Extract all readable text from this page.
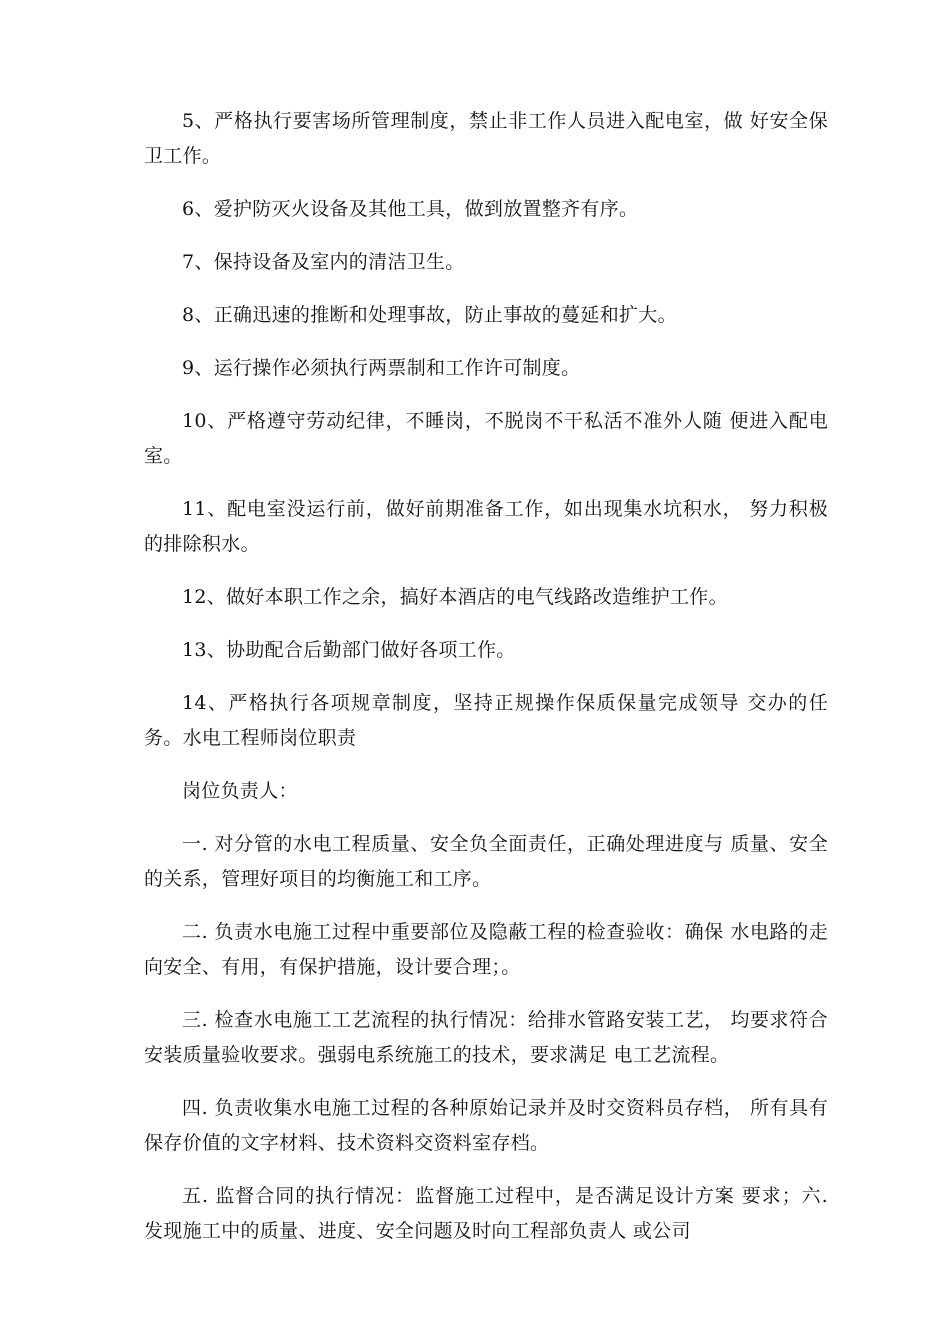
5、严格执行要害场所管理制度，禁止非工作人员进入配电室，做 好安全保卫工作。

6、爱护防灭火设备及其他工具，做到放置整齐有序。

7、保持设备及室内的清洁卫生。

8、正确迅速的推断和处理事故，防止事故的蔓延和扩大。

9、运行操作必须执行两票制和工作许可制度。

10、严格遵守劳动纪律，不睡岗，不脱岗不干私活不准外人随 便进入配电室。

11、配电室没运行前，做好前期准备工作，如出现集水坑积水， 努力积极的排除积水。

12、做好本职工作之余，搞好本酒店的电气线路改造维护工作。

13、协助配合后勤部门做好各项工作。

14、严格执行各项规章制度，坚持正规操作保质保量完成领导 交办的任务。水电工程师岗位职责

岗位负责人：

一. 对分管的水电工程质量、安全负全面责任，正确处理进度与 质量、安全的关系，管理好项目的均衡施工和工序。

二. 负责水电施工过程中重要部位及隐蔽工程的检查验收：确保 水电路的走向安全、有用，有保护措施，设计要合理；。

三. 检查水电施工工艺流程的执行情况：给排水管路安装工艺， 均要求符合安装质量验收要求。强弱电系统施工的技术，要求满足 电工艺流程。

四. 负责收集水电施工过程的各种原始记录并及时交资料员存档， 所有具有保存价值的文字材料、技术资料交资料室存档。

五. 监督合同的执行情况：监督施工过程中，是否满足设计方案 要求；六. 发现施工中的质量、进度、安全问题及时向工程部负责人 或公司
